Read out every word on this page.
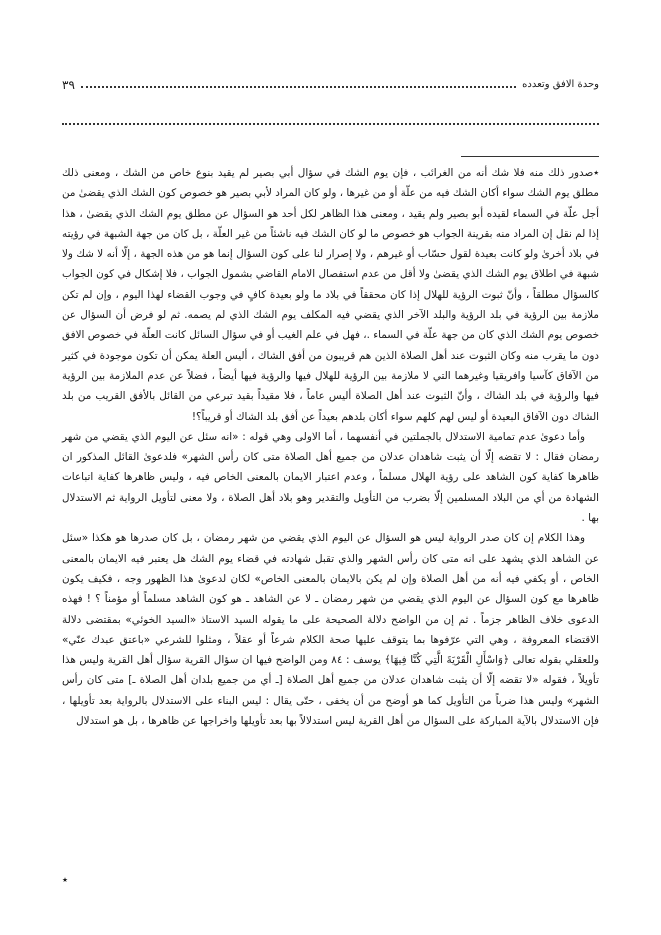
وحدة الافق وتعدده
٣٩

٭صدور ذلك منه فلا شك أنه من الغرائب ، فإن يوم الشك في سؤال أبي بصير لم يقيد بنوع خاص من الشك ، ومعنى ذلك مطلق يوم الشك سواء أكان الشك فيه من علّة أو من غيرها ، ولو كان المراد لأبي بصير هو خصوص كون الشك الذي يقضىٰ من أجل علّة في السماء لقيده أبو بصير ولم يقيد ، ومعنى هذا الظاهر لكل أحد هو السؤال عن مطلق يوم الشك الذي يقضىٰ ، هذا إذا لم نقل إن المراد منه بقرينة الجواب هو خصوص ما لو كان الشك فيه ناشئاً من غير العلّة ، بل كان من جهة الشبهة في رؤيته في بلاد أخرىٰ ولو كانت بعيدة لقول حسّاب أو غيرهم ، ولا إصرار لنا على كون السؤال إنما هو من هذه الجهة ، إلّا أنه لا شك ولا شبهة في اطلاق يوم الشك الذي يقضىٰ ولا أقل من عدم استفصال الامام القاضي بشمول الجواب ، فلا إشكال في كون الجواب كالسؤال مطلقاً ، وأنّ ثبوت الرؤية للهلال إذا كان محققاً في بلاد ما ولو بعيدة كافٍ في وجوب القضاء لهذا اليوم ، وإن لم تكن ملازمة بين الرؤية في بلد الرؤية والبلد الآخر الذي يقضي فيه المكلف يوم الشك الذي لم يصمه. ثم لو فرض أن السؤال عن خصوص يوم الشك الذي كان من جهة علّة في السماء .، فهل في علم الغيب أو في سؤال السائل كانت العلّة في خصوص الافق دون ما يقرب منه وكان الثبوت عند أهل الصلاة الذين هم قريبون من أفق الشاك ، أليس العلة يمكن أن تكون موجودة في كثير من الآفاق كآسيا وافريقيا وغيرهما التي لا ملازمة بين الرؤية للهلال فيها والرؤية فيها أيضاً ، فضلاً عن عدم الملازمة بين الرؤية فيها والرؤية في بلد الشاك ، وأنّ الثبوت عند أهل الصلاة أليس عاماً ، فلا مقيداً بقيد تبرعي من القائل بالأفق القريب من بلد الشاك دون الآفاق البعيدة أو ليس لهم كلهم سواء أكان بلدهم بعيداً عن أفق بلد الشاك أو قريباً؟!

وأما دعوىٰ عدم تمامية الاستدلال بالجملتين في أنفسهما ، أما الاولى وهي قوله : «انه سئل عن اليوم الذي يقضي من شهر رمضان فقال : لا تقضه إلّا أن يثبت شاهدان عدلان من جميع أهل الصلاة متى كان رأس الشهر» فلدعوىٰ القائل المذكور ان ظاهرها كفاية كون الشاهد على رؤية الهلال مسلماً ، وعدم اعتبار الايمان بالمعنى الخاص فيه ، وليس ظاهرها كفاية اتباعات الشهادة من أي من البلاد المسلمين إلّا بضرب من التأويل والتقدير وهو بلاد أهل الصلاة ، ولا معنى لتأويل الرواية ثم الاستدلال بها .

وهذا الكلام إن كان صدر الرواية ليس هو السؤال عن اليوم الذي يقضي من شهر رمضان ، بل كان صدرها هو هكذا «سئل عن الشاهد الذي يشهد على انه متى كان رأس الشهر والذي تقبل شهادته في قضاء يوم الشك هل يعتبر فيه الايمان بالمعنى الخاص ، أو يكفي فيه أنه من أهل الصلاة وإن لم يكن بالايمان بالمعنى الخاص» لكان لدعوىٰ هذا الظهور وجه ، فكيف يكون ظاهرها مع كون السؤال عن اليوم الذي يقضي من شهر رمضان ـ لا عن الشاهد ـ هو كون الشاهد مسلماً أو مؤمناً ؟ ! فهذه الدعوى خلاف الظاهر جزماً . ثم إن من الواضح دلالة الصحيحة على ما يقوله السيد الاستاذ «السيد الخوئي» بمقتضى دلالة الاقتضاء المعروفة ، وهي التي عرّفوها بما يتوقف عليها صحة الكلام شرعاً أو عقلاً ، ومثلوا للشرعي «باعتق عبدك عنّي» وللعقلي بقوله تعالى ﴿وَاسْأَلِ الْقَرْيَةَ الَّتِي كُنَّا فِيهَا﴾ يوسف : ٨٤ ومن الواضح فيها ان سؤال القرية سؤال أهل القرية وليس هذا تأويلاً ، فقوله «لا تقضه إلّا أن يثبت شاهدان عدلان من جميع أهل الصلاة [ـ أي من جميع بلدان أهل الصلاة ـ] متى كان رأس الشهر» وليس هذا ضرباً من التأويل كما هو أوضح من أن يخفى ، حتّى يقال : ليس البناء على الاستدلال بالرواية بعد تأويلها ، فإن الاستدلال بالآية المباركة على السؤال من أهل القرية ليس استدلالاً بها بعد تأويلها واخراجها عن ظاهرها ، بل هو استدلال

٭
